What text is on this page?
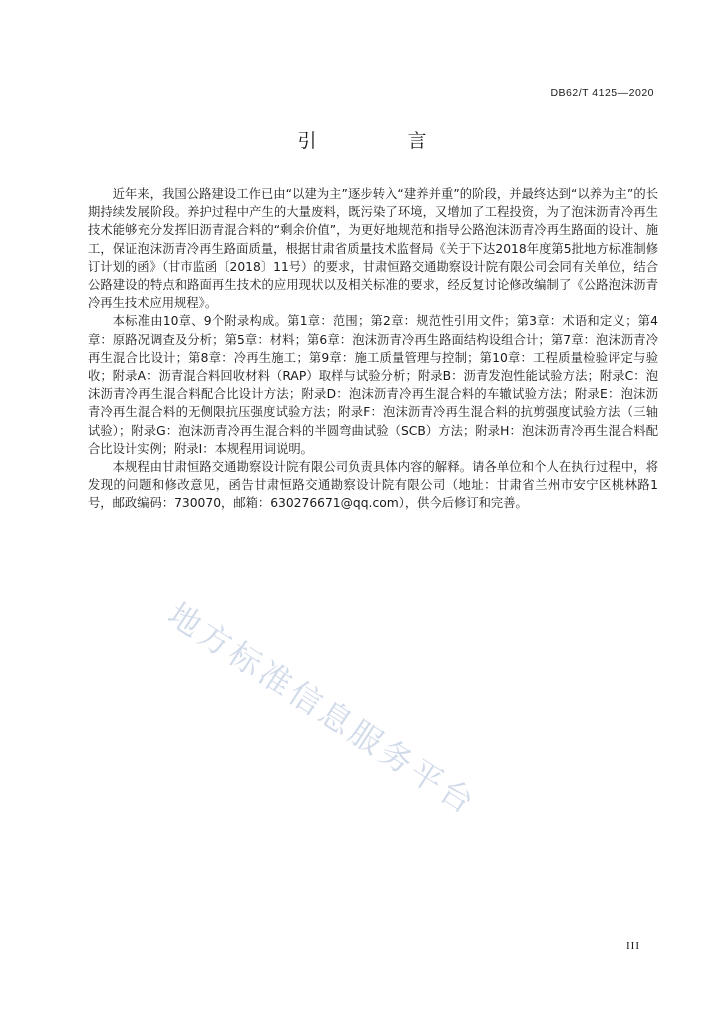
DB62/T 4125—2020
引　言

近年来，我国公路建设工作已由“以建为主”逐步转入“建养并重”的阶段，并最终达到“以养为主”的长期持续发展阶段。养护过程中产生的大量废料，既污染了环境，又增加了工程投资，为了泡沫沥青冷再生技术能够充分发挥旧沥青混合料的“剩余价值”，为更好地规范和指导公路泡沫沥青冷再生路面的设计、施工，保证泡沫沥青冷再生路面质量，根据甘肃省质量技术监督局《关于下达2018年度第5批地方标准制修订计划的函》（甘市监函〔2018〕11号）的要求，甘肃恒路交通勘察设计院有限公司会同有关单位，结合公路建设的特点和路面再生技术的应用现状以及相关标准的要求，经反复讨论修改编制了《公路泡沫沥青冷再生技术应用规程》。

本标准由10章、9个附录构成。第1章：范围；第2章：规范性引用文件；第3章：术语和定义；第4章：原路况调查及分析；第5章：材料；第6章：泡沫沥青冷再生路面结构设组合计；第7章：泡沫沥青冷再生混合比设计；第8章：冷再生施工；第9章：施工质量管理与控制；第10章：工程质量检验评定与验收；附录A：沥青混合料回收材料（RAP）取样与试验分析；附录B：沥青发泡性能试验方法；附录C：泡沫沥青冷再生混合料配合比设计方法；附录D：泡沫沥青冷再生混合料的车辙试验方法；附录E：泡沫沥青冷再生混合料的无侧限抗压强度试验方法；附录F：泡沫沥青冷再生混合料的抗剪强度试验方法（三轴试验）；附录G：泡沫沥青冷再生混合料的半圆弯曲试验（SCB）方法；附录H：泡沫沥青冷再生混合料配合比设计实例；附录I：本规程用词说明。

本规程由甘肃恒路交通勘察设计院有限公司负责具体内容的解释。请各单位和个人在执行过程中，将发现的问题和修改意见，函告甘肃恒路交通勘察设计院有限公司（地址：甘肃省兰州市安宁区桃林路1号，邮政编码：730070，邮箱：630276671@qq.com），供今后修订和完善。

地方标准信息服务平台
III
